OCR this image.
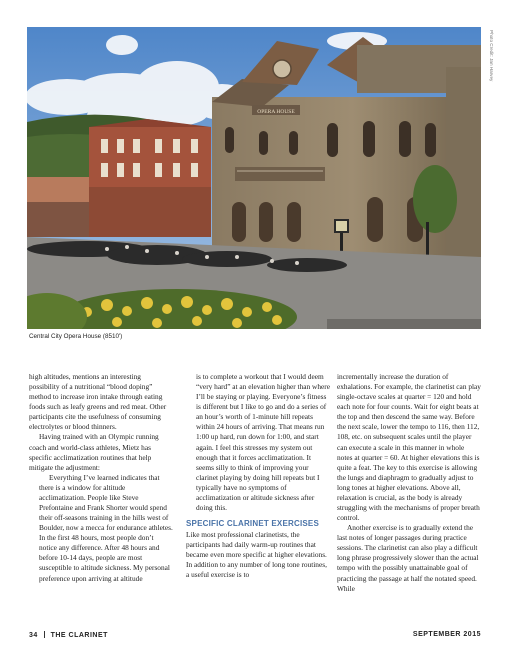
OPERA HOUSE
Photo Credit: Jan Harvey
Central City Opera House (8510')

high altitudes, mentions an interesting possibility of a nutritional “blood doping” method to increase iron intake through eating foods such as leafy greens and red meat. Other participants cite the usefulness of consuming electrolytes or blood thinners.

Having trained with an Olympic running coach and world-class athletes, Mietz has specific acclimatization routines that help mitigate the adjustment:

Everything I’ve learned indicates that there is a window for altitude acclimatization. People like Steve Prefontaine and Frank Shorter would spend their off-seasons training in the hills west of Boulder, now a mecca for endurance athletes. In the first 48 hours, most people don’t notice any difference. After 48 hours and before 10-14 days, people are most susceptible to altitude sickness. My personal preference upon arriving at altitude

is to complete a workout that I would deem “very hard” at an elevation higher than where I’ll be staying or playing. Everyone’s fitness is different but I like to go and do a series of an hour’s worth of 1-minute hill repeats within 24 hours of arriving. That means run 1:00 up hard, run down for 1:00, and start again. I feel this stresses my system out enough that it forces acclimatization. It seems silly to think of improving your clarinet playing by doing hill repeats but I typically have no symptoms of acclimatization or altitude sickness after doing this.

SPECIFIC CLARINET EXERCISES

Like most professional clarinetists, the participants had daily warm-up routines that became even more specific at higher elevations. In addition to any number of long tone routines, a useful exercise is to

incrementally increase the duration of exhalations. For example, the clarinetist can play single-octave scales at quarter = 120 and hold each note for four counts. Wait for eight beats at the top and then descend the same way. Before the next scale, lower the tempo to 116, then 112, 108, etc. on subsequent scales until the player can execute a scale in this manner in whole notes at quarter = 60. At higher elevations this is quite a feat. The key to this exercise is allowing the lungs and diaphragm to gradually adjust to long tones at higher elevations. Above all, relaxation is crucial, as the body is already struggling with the mechanisms of proper breath control.

Another exercise is to gradually extend the last notes of longer passages during practice sessions. The clarinetist can also play a difficult long phrase progressively slower than the actual tempo with the possibly unattainable goal of practicing the passage at half the notated speed. While

34 THE CLARINET	SEPTEMBER 2015
